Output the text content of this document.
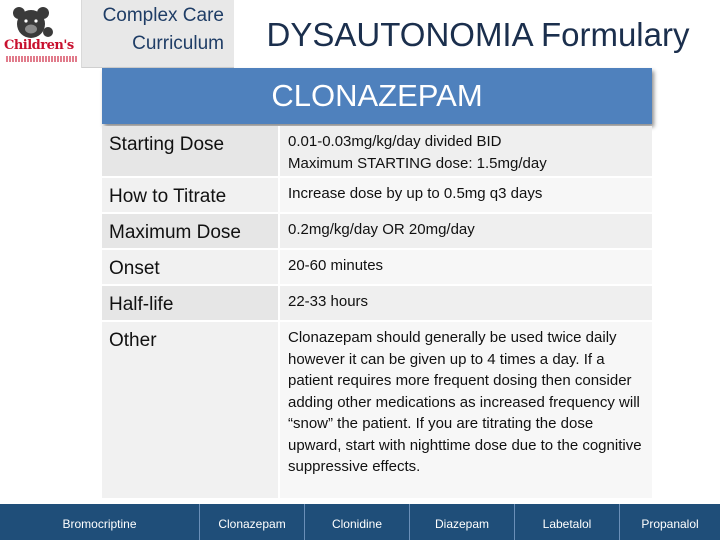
Children's
Complex Care
Curriculum	DYSAUTONOMIA Formulary
CLONAZEPAM
Starting Dose	0.01-0.03mg/kg/day divided BID
Maximum STARTING dose: 1.5mg/day
How to Titrate	Increase dose by up to 0.5mg q3 days
Maximum Dose	0.2mg/kg/day OR 20mg/day
Onset	20-60 minutes
Half-life	22-33 hours
Other	Clonazepam should generally be used twice daily however it can be given up to 4 times a day. If a patient requires more frequent dosing then consider adding other medications as increased frequency will “snow” the patient. If you are titrating the dose upward, start with nighttime dose due to the cognitive suppressive effects.
Bromocriptine	Clonazepam	Clonidine	Diazepam	Labetalol	Propanalol
